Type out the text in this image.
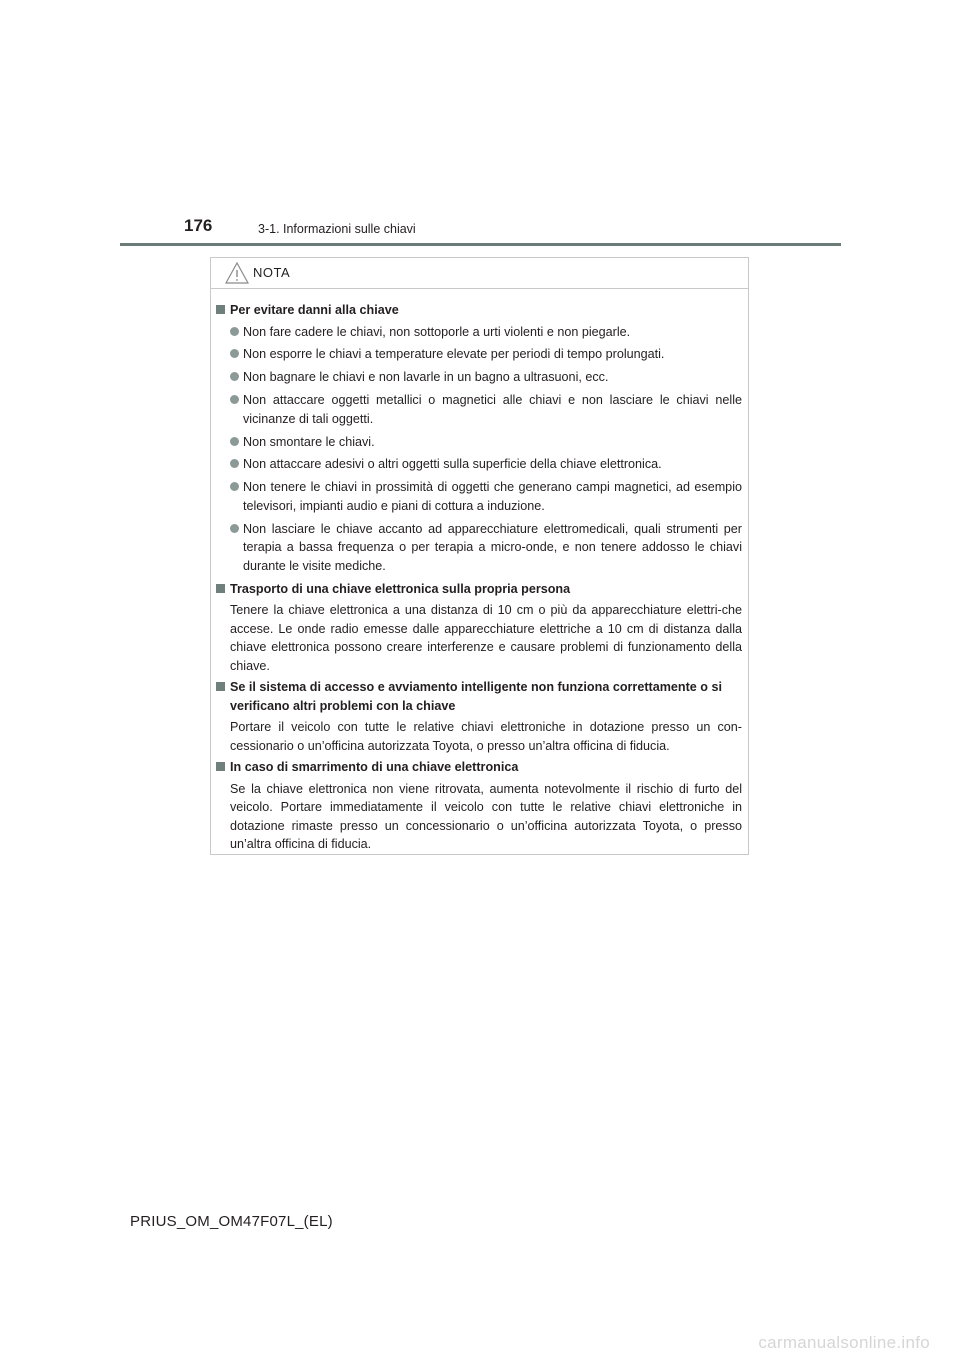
176	3-1. Informazioni sulle chiavi
NOTA
Per evitare danni alla chiave
Non fare cadere le chiavi, non sottoporle a urti violenti e non piegarle.
Non esporre le chiavi a temperature elevate per periodi di tempo prolungati.
Non bagnare le chiavi e non lavarle in un bagno a ultrasuoni, ecc.
Non attaccare oggetti metallici o magnetici alle chiavi e non lasciare le chiavi nelle vicinanze di tali oggetti.
Non smontare le chiavi.
Non attaccare adesivi o altri oggetti sulla superficie della chiave elettronica.
Non tenere le chiavi in prossimità di oggetti che generano campi magnetici, ad esempio televisori, impianti audio e piani di cottura a induzione.
Non lasciare le chiave accanto ad apparecchiature elettromedicali, quali strumenti per terapia a bassa frequenza o per terapia a micro-onde, e non tenere addosso le chiavi durante le visite mediche.
Trasporto di una chiave elettronica sulla propria persona
Tenere la chiave elettronica a una distanza di 10 cm o più da apparecchiature elettri-che accese. Le onde radio emesse dalle apparecchiature elettriche a 10 cm di distanza dalla chiave elettronica possono creare interferenze e causare problemi di funzionamento della chiave.
Se il sistema di accesso e avviamento intelligente non funziona correttamente o si verificano altri problemi con la chiave
Portare il veicolo con tutte le relative chiavi elettroniche in dotazione presso un con-cessionario o un’officina autorizzata Toyota, o presso un’altra officina di fiducia.
In caso di smarrimento di una chiave elettronica
Se la chiave elettronica non viene ritrovata, aumenta notevolmente il rischio di furto del veicolo. Portare immediatamente il veicolo con tutte le relative chiavi elettroniche in dotazione rimaste presso un concessionario o un’officina autorizzata Toyota, o presso un’altra officina di fiducia.
PRIUS_OM_OM47F07L_(EL)
carmanualsonline.info
